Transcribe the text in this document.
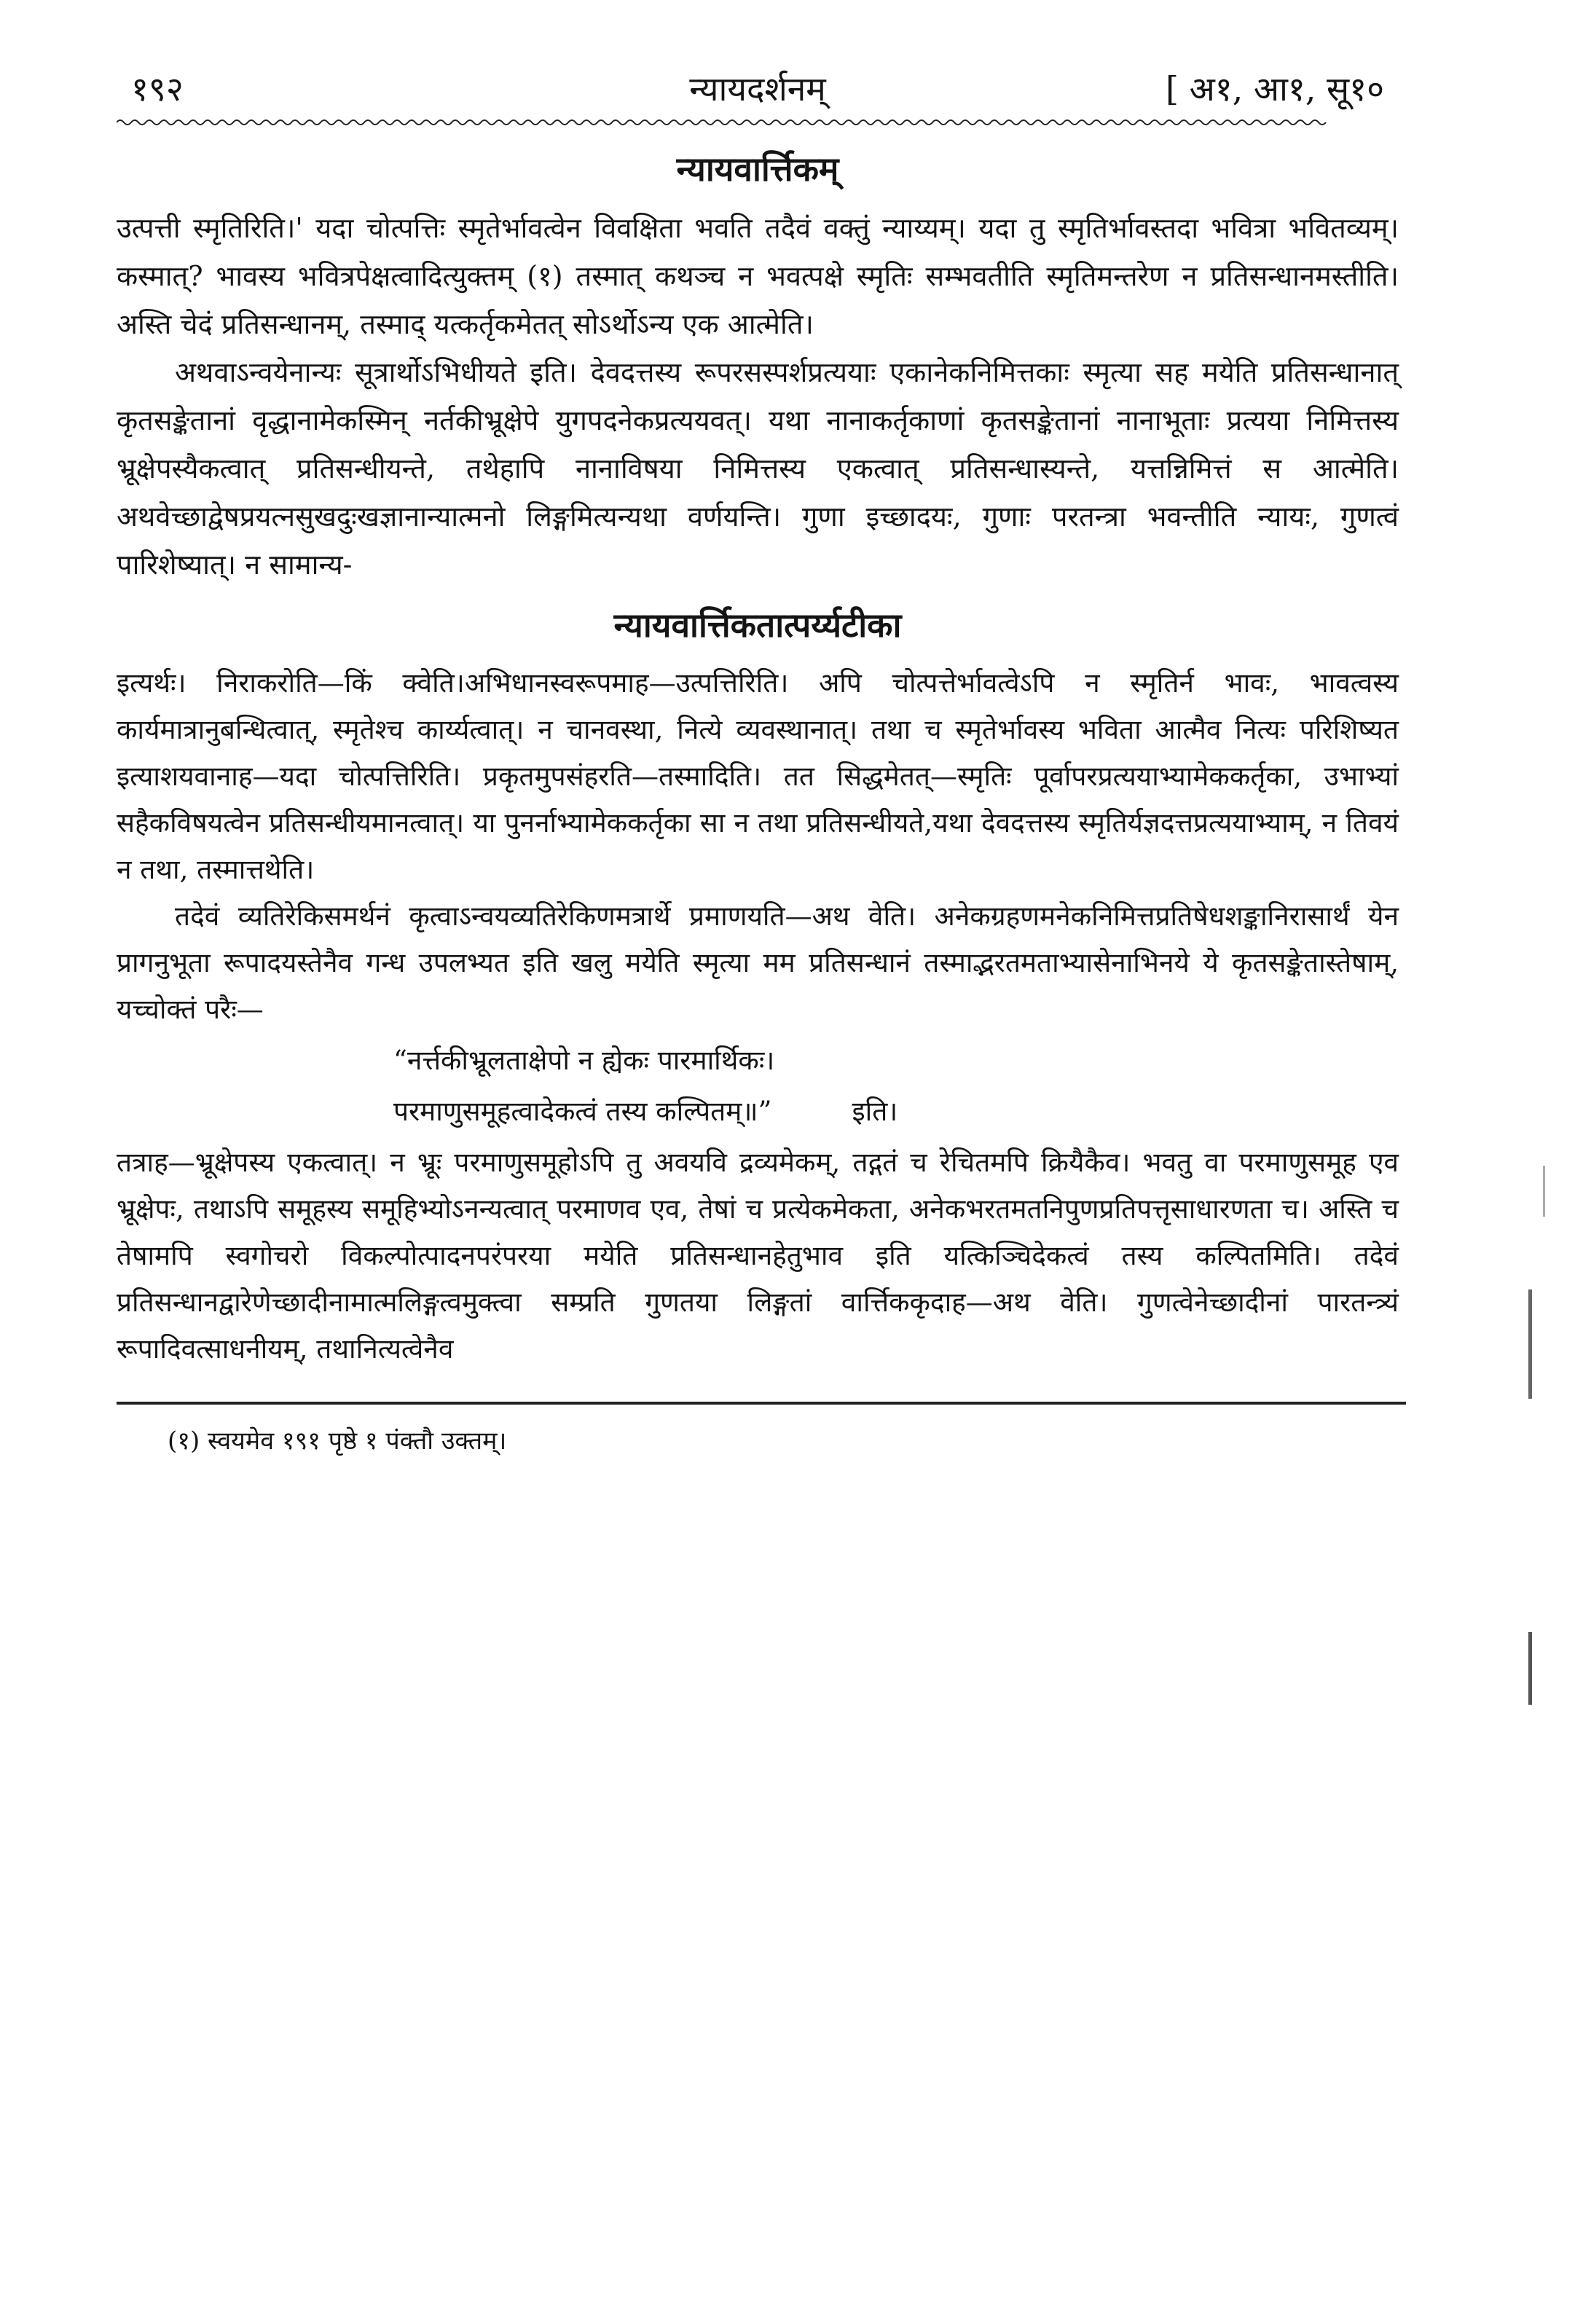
१९२	न्यायदर्शनम्	[ अ१, आ१, सू१०
न्यायवार्त्तिकम्

उत्पत्ती स्मृतिरिति।' यदा चोत्पत्तिः स्मृतेर्भावत्वेन विवक्षिता भवति तदैवं वक्तुं न्याय्यम्। यदा तु स्मृतिर्भावस्तदा भवित्रा भवितव्यम्। कस्मात्? भावस्य भवित्रपेक्षत्वादित्युक्तम् (१) तस्मात् कथञ्च न भवत्पक्षे स्मृतिः सम्भवतीति स्मृतिमन्तरेण न प्रतिसन्धानमस्तीति। अस्ति चेदं प्रतिसन्धानम्, तस्माद् यत्कर्तृकमेतत् सोऽर्थोऽन्य एक आत्मेति।

अथवाऽन्वयेनान्यः सूत्रार्थोऽभिधीयते इति। देवदत्तस्य रूपरसस्पर्शप्रत्ययाः एकानेकनिमित्तकाः स्मृत्या सह मयेति प्रतिसन्धानात् कृतसङ्केतानां वृद्धानामेकस्मिन् नर्तकीभ्रूक्षेपे युगपदनेकप्रत्ययवत्। यथा नानाकर्तृकाणां कृतसङ्केतानां नानाभूताः प्रत्यया निमित्तस्य भ्रूक्षेपस्यैकत्वात् प्रतिसन्धीयन्ते, तथेहापि नानाविषया निमित्तस्य एकत्वात् प्रतिसन्धास्यन्ते, यत्तन्निमित्तं स आत्मेति। अथवेच्छाद्वेषप्रयत्नसुखदुःखज्ञानान्यात्मनो लिङ्गमित्यन्यथा वर्णयन्ति। गुणा इच्छादयः, गुणाः परतन्त्रा भवन्तीति न्यायः, गुणत्वं पारिशेष्यात्। न सामान्य-

न्यायवार्त्तिकतात्पर्य्यटीका

इत्यर्थः। निराकरोति—किं क्वेति।अभिधानस्वरूपमाह—उत्पत्तिरिति। अपि चोत्पत्तेर्भावत्वेऽपि न स्मृतिर्न भावः, भावत्वस्य कार्यमात्रानुबन्धित्वात्, स्मृतेश्च कार्य्यत्वात्। न चानवस्था, नित्ये व्यवस्थानात्। तथा च स्मृतेर्भावस्य भविता आत्मैव नित्यः परिशिष्यत इत्याशयवानाह—यदा चोत्पत्तिरिति। प्रकृतमुपसंहरति—तस्मादिति। तत सिद्धमेतत्—स्मृतिः पूर्वापरप्रत्ययाभ्यामेककर्तृका, उभाभ्यां सहैकविषयत्वेन प्रतिसन्धीयमानत्वात्। या पुनर्नाभ्यामेककर्तृका सा न तथा प्रतिसन्धीयते,यथा देवदत्तस्य स्मृतिर्यज्ञदत्तप्रत्ययाभ्याम्, न तिवयं न तथा, तस्मात्तथेति।

तदेवं व्यतिरेकिसमर्थनं कृत्वाऽन्वयव्यतिरेकिणमत्रार्थे प्रमाणयति—अथ वेति। अनेकग्रहणमनेकनिमित्तप्रतिषेधशङ्कानिरासार्थं येन प्रागनुभूता रूपादयस्तेनैव गन्ध उपलभ्यत इति खलु मयेति स्मृत्या मम प्रतिसन्धानं तस्माद्भरतमताभ्यासेनाभिनये ये कृतसङ्केतास्तेषाम्, यच्चोक्तं परैः—

“नर्त्तकीभ्रूलताक्षेपो न ह्येकः पारमार्थिकः।
परमाणुसमूहत्वादेकत्वं तस्य कल्पितम्॥”	इति।

तत्राह—भ्रूक्षेपस्य एकत्वात्। न भ्रूः परमाणुसमूहोऽपि तु अवयवि द्रव्यमेकम्, तद्गतं च रेचितमपि क्रियैकैव। भवतु वा परमाणुसमूह एव भ्रूक्षेपः, तथाऽपि समूहस्य समूहिभ्योऽनन्यत्वात् परमाणव एव, तेषां च प्रत्येकमेकता, अनेकभरतमतनिपुणप्रतिपत्तृसाधारणता च। अस्ति च तेषामपि स्वगोचरो विकल्पोत्पादनपरंपरया मयेति प्रतिसन्धानहेतुभाव इति यत्किञ्चिदेकत्वं तस्य कल्पितमिति। तदेवं प्रतिसन्धानद्वारेणेच्छादीनामात्मलिङ्गत्वमुक्त्वा सम्प्रति गुणतया लिङ्गतां वार्त्तिककृदाह—अथ वेति। गुणत्वेनेच्छादीनां पारतन्त्र्यं रूपादिवत्साधनीयम्, तथानित्यत्वेनैव

(१) स्वयमेव १९१ पृष्ठे १ पंक्तौ उक्तम्।
